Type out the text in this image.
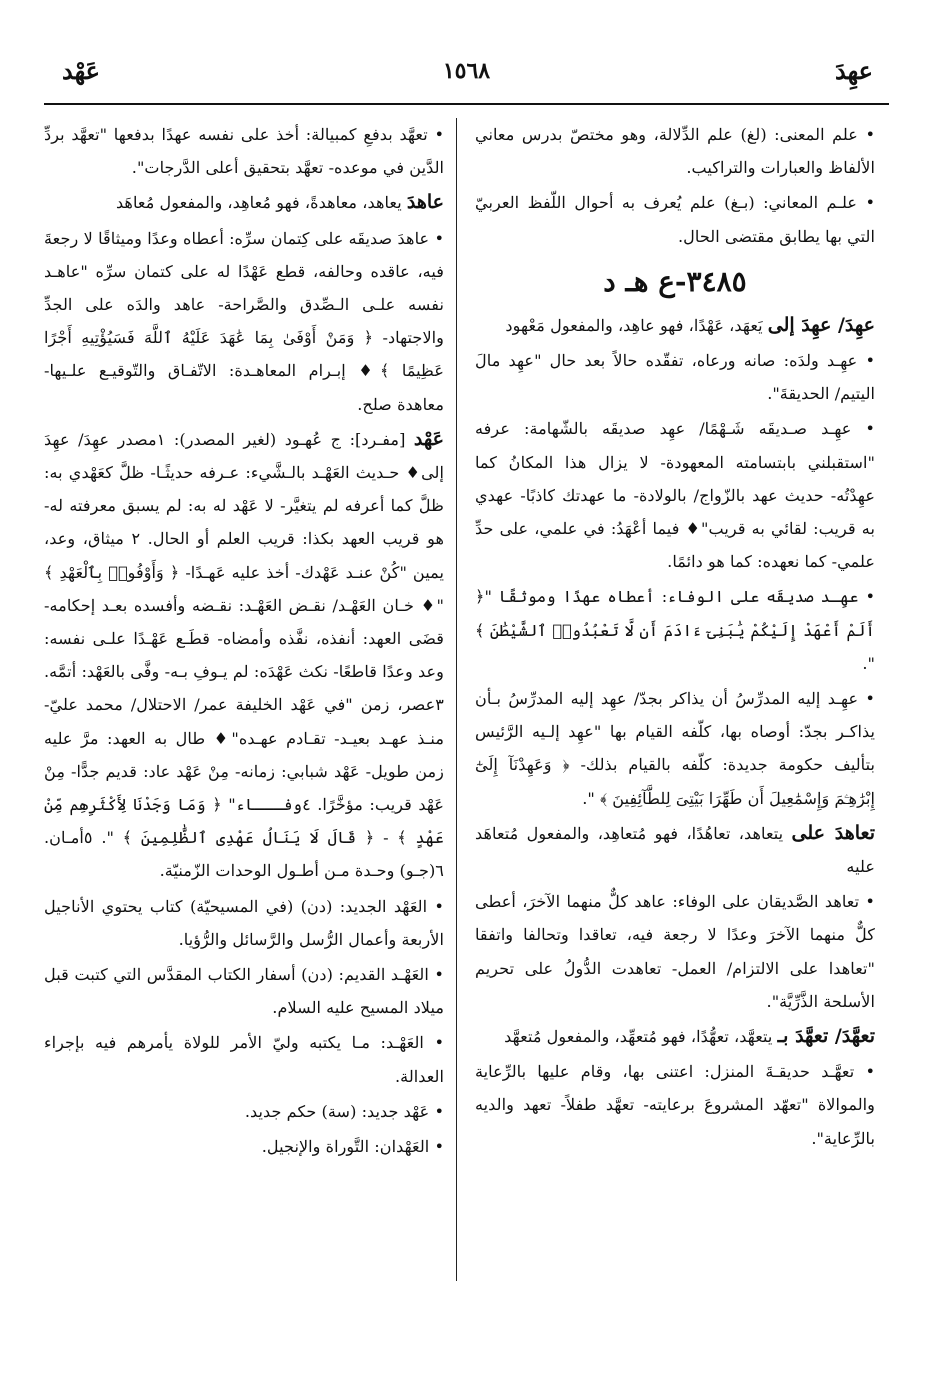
عَهْد	١٥٦٨	عهِدَ

• علم المعنى: (لغ) علم الدِّلالة، وهو مختصّ بدرس معاني الألفاظ والعبارات والتراكيب.

• علـم المعاني: (بـغ) علم يُعرف به أحوال اللّفظ العربيّ التي بها يطابق مقتضى الحال.

٣٤٨٥-ع هـ د

عهِدَ/ عهِدَ إلى يَعهَد، عَهْدًا، فهو عاهِد، والمفعول مَعْهود

• عهِـد ولدَه: صانه ورعاه، تفقّده حالاً بعد حال "عهِد مالَ اليتيم/ الحديقةَ".

• عهِـد صـديقَه شَـهْمًا/ عهِد صديقَه بالشّهامة: عرفه "استقبلني بابتسامته المعهودة- لا يزال هذا المكانُ كما عهِدْتُه- حديث عهد بالزّواج/ بالولادة- ما عهدتك كاذبًا- عهدي به قريب: لقائي به قريب"♦ فيما أعْهَدُ: في علمي، على حدِّ علمي- كما نعهده: كما هو دائمًا.

• عهِـد صديقَه على الوفاء: أعطاه عهدًا وموثقًا "﴿ أَلَمْ أَعْهَدْ إِلَيْكُمْ يَٰبَنِىٓ ءَادَمَ أَن لَّا تَعْبُدُوا۟ ٱلشَّيْطَٰنَ ﴾ ".

• عهِـد إليه المدرِّسُ أن يذاكر بجدّ/ عهِد إليه المدرِّسُ بـأن يذاكـر بجدّ: أوصاه بها، كلّفه القيام بها "عهِد إلـيه الرَّئيس بتأليف حكومة جديدة: كلّفه بالقيام بذلك- ﴿ وَعَهِدْنَآ إِلَىٰٓ إِبْرَٰهِـۧمَ وَإِسْمَٰعِيلَ أَن طَهِّرَا بَيْتِىَ لِلطَّآئِفِينَ ﴾ ".

تعاهدَ على يتعاهد، تعاهُدًا، فهو مُتعاهِد، والمفعول مُتعاهَد عليه

• تعاهد الصَّديقان على الوفاء: عاهد كلٌّ منهما الآخرَ، أعطى كلٌّ منهما الآخرَ وعدًا لا رجعة فيه، تعاقدا وتحالفا واتفقا "تعاهدا على الالتزام/ العمل- تعاهدت الدُّولُ على تحريم الأسلحة الذَّرِّيَّة".

تعهَّدَ/ تعهَّدَ بـ يتعهَّد، تعهُّدًا، فهو مُتعهِّد، والمفعول مُتعهَّد

• تعهَّـد حديقـةَ المنزل: اعتنى بها، وقام عليها بالرِّعاية والموالاة "تعهّد المشروعَ برعايته- تعهَّد طفلاً- تعهد والديه بالرِّعاية".

• تعهَّد بدفعِ كمبيالة: أخذ على نفسه عهدًا بدفعها "تعهَّد بردِّ الدَّين في موعده- تعهَّد بتحقيق أعلى الدَّرجات".

عاهدَ يعاهد، معاهدةً، فهو مُعاهِد، والمفعول مُعاهَد

• عاهدَ صديقَه على كِتمان سرِّه: أعطاه وعدًا وميثاقًا لا رجعةَ فيه، عاقده وحالفه، قطع عَهْدًا له على كتمان سرِّه "عاهـد نفسه علـى الـصِّدق والصَّراحة- عاهد والدَه على الجدِّ والاجتهاد- ﴿ وَمَنْ أَوْفَىٰ بِمَا عَٰهَدَ عَلَيْهُ ٱللَّهَ فَسَيُؤْتِيهِ أَجْرًا عَظِيمًا ﴾♦ إبـرام المعاهـدة: الاتّفـاق والتّوقيـع علـيها- معاهدة صلح.

عَهْد [مفـرد]: ج عُهـود (لغير المصدر): ١مصدر عهِدَ/ عهِدَ إلى♦ حـديث العَهْـد بالـشَّيء: عـرفه حديثًـا- ظلَّ كعَهْدي به: ظلَّ كما أعرفه لم يتغيَّر- لا عَهْد له به: لم يسبق معرفته له- هو قريب العهد بكذا: قريب العلم أو الحال. ٢ ميثاق، وعد، يمين "كُنْ عنـد عَهْدك- أخذ عليه عَهـدًا- ﴿ وَأَوْفُوا۟ بِٱلْعَهْدِ ﴾ "♦ خـان العَهْـد/ نقـض العَهْـد: نقـضه وأفسده بعـد إحكامه- قضَى العهد: أنفذه، نفَّذه وأمضاه- قطَـع عَهْـدًا علـى نفسه: وعد وعدًا قاطعًا- نكث عَهْدَه: لم يـوفِ بـه- وفَّى بالعَهْد: أتمَّه. ٣عصر، زمن "في عَهْد الخليفة عمر/ الاحتلال/ محمد عليّ- منـذ عهـد بعيـد- تقـادم عهـده"♦ طال به العهد: مرَّ عليه زمن طويل- عَهْد شبابي: زمانه- مِنْ عَهْد عاد: قديم جدًّا- مِنْ عَهْد قريب: مؤخَّرًا. ٤وفـــاء" ﴿ وَمَا وَجَدْنَا لِأَكْثَرِهِم مِّنْ عَهْدٍ ﴾ - ﴿ قَالَ لَا يَنَالُ عَهْدِى ٱلظَّٰلِمِينَ ﴾ ". ٥أمـان. ٦(جـو) وحـدة مـن أطـول الوحدات الزّمنيّة.

• العَهْد الجديد: (دن) (في المسيحيّة) كتاب يحتوي الأناجيل الأربعة وأعمال الرُّسل والرَّسائل والرُّؤيا.

• العَهْـد القديم: (دن) أسفار الكتاب المقدَّس التي كتبت قبل ميلاد المسيح عليه السلام.

• العَهْـد: مـا يكتبه وليّ الأمر للولاة يأمرهم فيه بإجراء العدالة.

• عَهْد جديد: (سة) حكم جديد.

• العَهْدان: التَّوراة والإنجيل.
